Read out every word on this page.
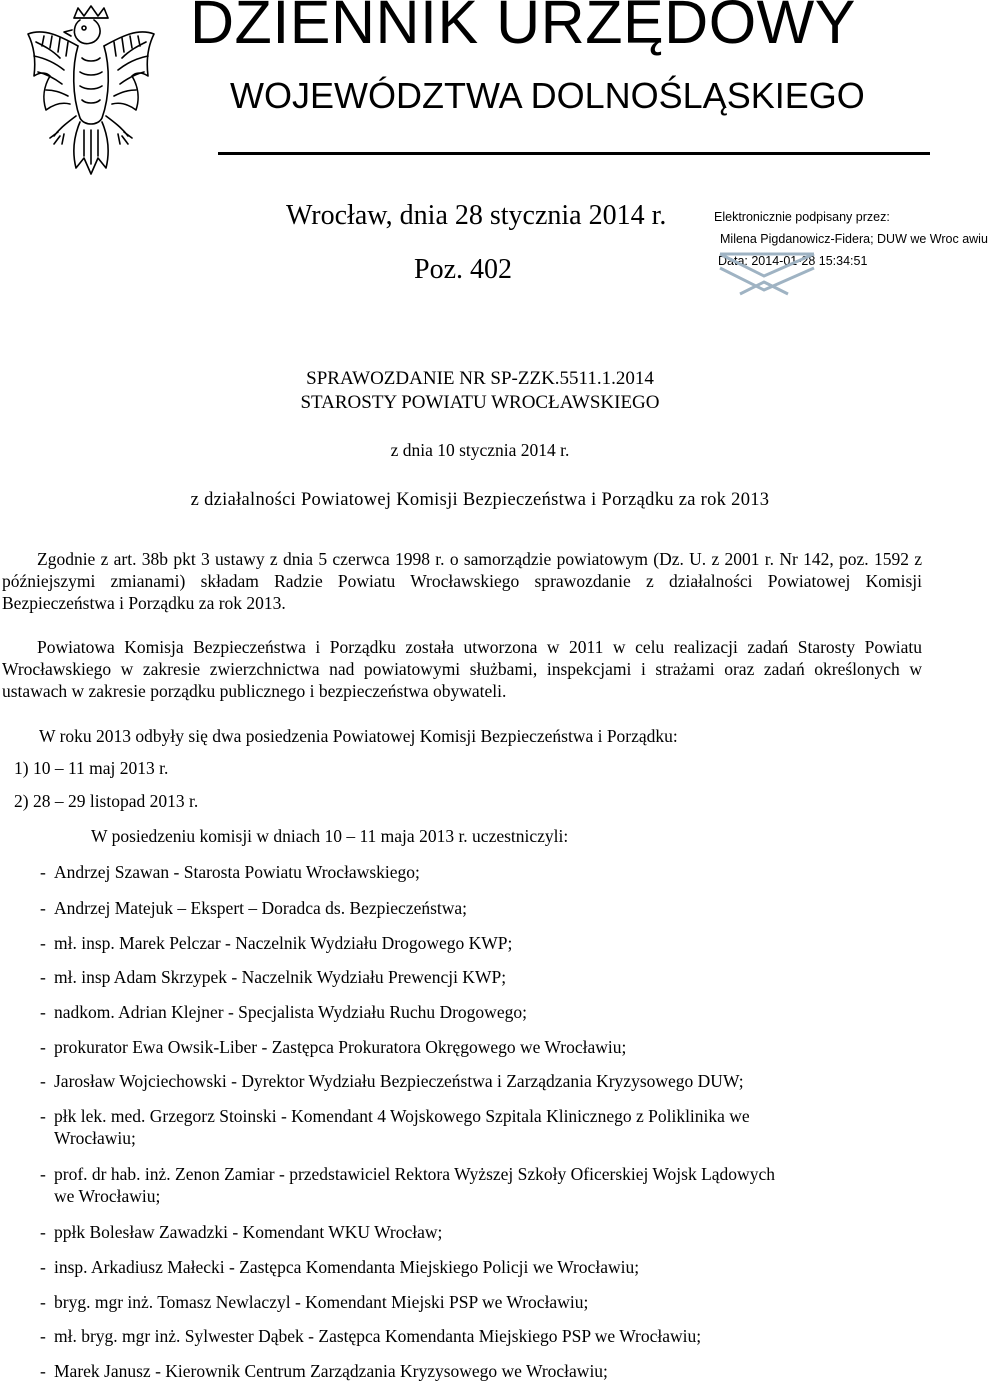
DZIENNIK URZĘDOWY
WOJEWÓDZTWA DOLNOŚLĄSKIEGO
Wrocław, dnia 28 stycznia 2014 r.
Poz. 402
Elektronicznie podpisany przez:
Milena Pigdanowicz-Fidera; DUW we Wroc awiu
Data: 2014-01-28 15:34:51
SPRAWOZDANIE NR SP-ZZK.5511.1.2014
STAROSTY POWIATU WROCŁAWSKIEGO
z dnia 10 stycznia 2014 r.
z działalności Powiatowej Komisji Bezpieczeństwa i Porządku za rok 2013
Zgodnie z art. 38b pkt 3 ustawy z dnia 5 czerwca 1998 r. o samorządzie powiatowym (Dz. U. z 2001 r. Nr 142, poz. 1592 z późniejszymi zmianami) składam Radzie Powiatu Wrocławskiego sprawozdanie z działalności Powiatowej Komisji Bezpieczeństwa i Porządku za rok 2013.
Powiatowa Komisja Bezpieczeństwa i Porządku została utworzona w 2011 w celu realizacji zadań Starosty Powiatu Wrocławskiego w zakresie zwierzchnictwa nad powiatowymi służbami, inspekcjami i strażami oraz zadań określonych w ustawach w zakresie porządku publicznego i bezpieczeństwa obywateli.
W roku 2013 odbyły się dwa posiedzenia Powiatowej Komisji Bezpieczeństwa i Porządku:
1) 10 – 11 maj 2013 r.
2) 28 – 29 listopad 2013 r.
W posiedzeniu komisji w dniach 10 – 11 maja 2013 r. uczestniczyli:
- Andrzej Szawan - Starosta Powiatu Wrocławskiego;
- Andrzej Matejuk – Ekspert – Doradca ds. Bezpieczeństwa;
- mł. insp. Marek Pelczar - Naczelnik Wydziału Drogowego KWP;
- mł. insp Adam Skrzypek - Naczelnik Wydziału Prewencji KWP;
- nadkom. Adrian Klejner - Specjalista Wydziału Ruchu Drogowego;
- prokurator Ewa Owsik-Liber - Zastępca Prokuratora Okręgowego we Wrocławiu;
- Jarosław Wojciechowski - Dyrektor Wydziału Bezpieczeństwa i Zarządzania Kryzysowego DUW;
- płk lek. med. Grzegorz Stoinski - Komendant 4 Wojskowego Szpitala Klinicznego z Poliklinika we
Wrocławiu;
- prof. dr hab. inż. Zenon Zamiar - przedstawiciel Rektora Wyższej Szkoły Oficerskiej Wojsk Lądowych
we Wrocławiu;
- ppłk Bolesław Zawadzki - Komendant WKU Wrocław;
- insp. Arkadiusz Małecki - Zastępca Komendanta Miejskiego Policji we Wrocławiu;
- bryg. mgr inż. Tomasz Newlaczyl - Komendant Miejski PSP we Wrocławiu;
- mł. bryg. mgr inż. Sylwester Dąbek - Zastępca Komendanta Miejskiego PSP we Wrocławiu;
- Marek Janusz - Kierownik Centrum Zarządzania Kryzysowego we Wrocławiu;
